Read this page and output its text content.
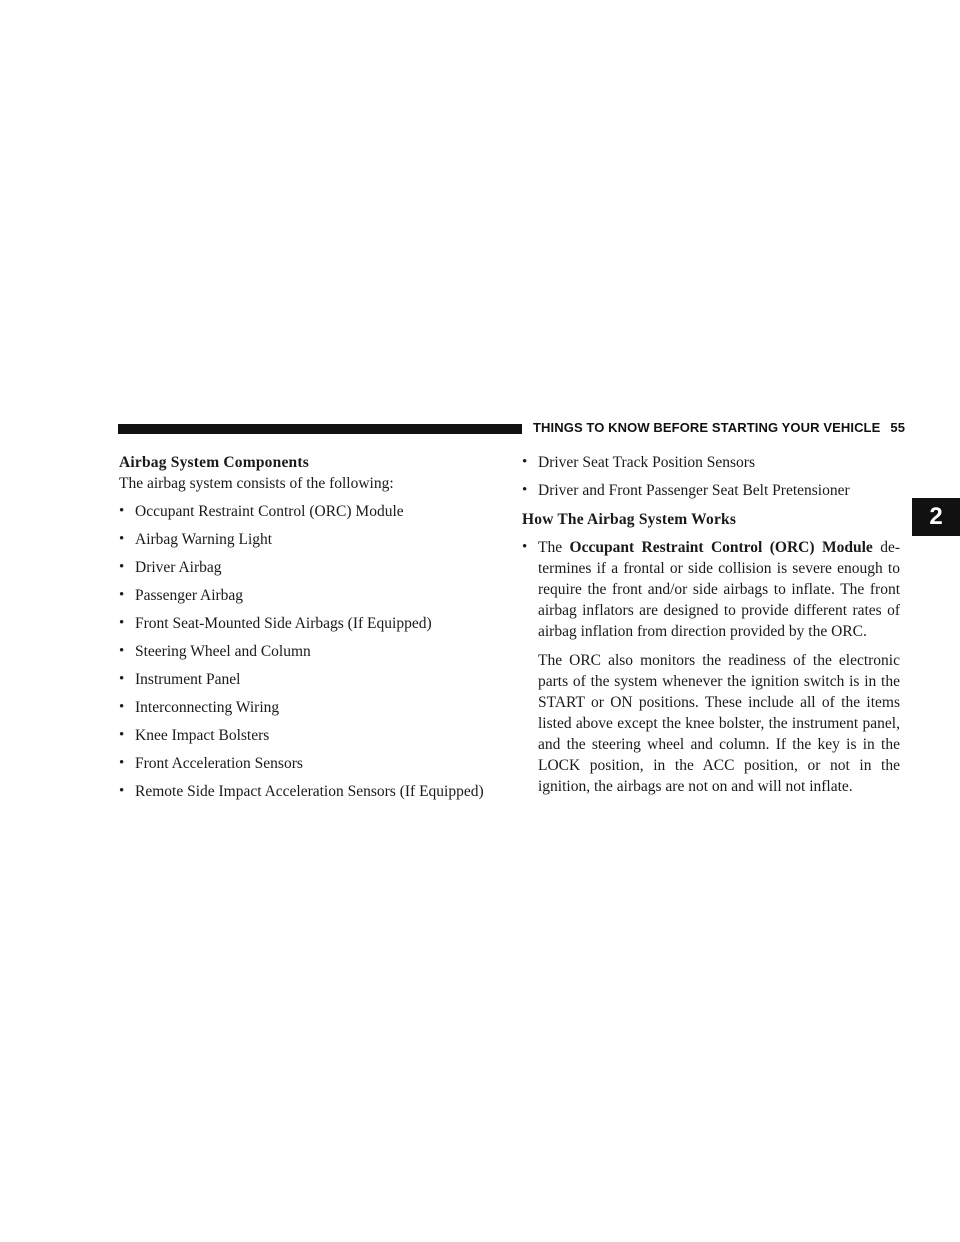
THINGS TO KNOW BEFORE STARTING YOUR VEHICLE 55
2
Airbag System Components

The airbag system consists of the following:

• Occupant Restraint Control (ORC) Module
• Airbag Warning Light
• Driver Airbag
• Passenger Airbag
• Front Seat-Mounted Side Airbags (If Equipped)
• Steering Wheel and Column
• Instrument Panel
• Interconnecting Wiring
• Knee Impact Bolsters
• Front Acceleration Sensors
• Remote Side Impact Acceleration Sensors (If Equipped)
• Driver Seat Track Position Sensors
• Driver and Front Passenger Seat Belt Pretensioner
How The Airbag System Works
• The Occupant Restraint Control (ORC) Module determines if a frontal or side collision is severe enough to require the front and/or side airbags to inflate. The front airbag inflators are designed to provide different rates of airbag inflation from direction provided by the ORC.

The ORC also monitors the readiness of the electronic parts of the system whenever the ignition switch is in the START or ON positions. These include all of the items listed above except the knee bolster, the instrument panel, and the steering wheel and column. If the key is in the LOCK position, in the ACC position, or not in the ignition, the airbags are not on and will not inflate.
